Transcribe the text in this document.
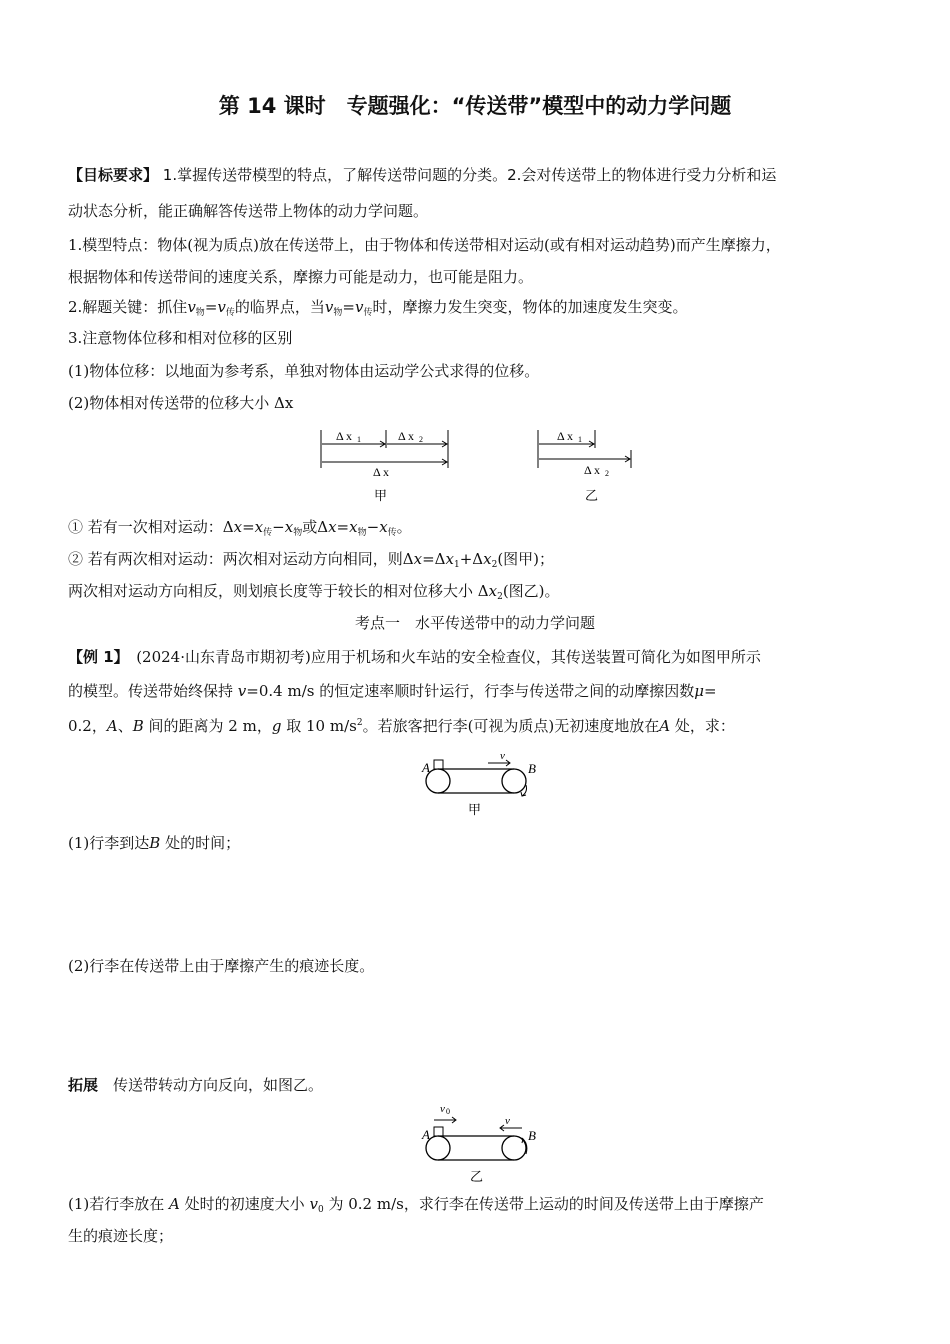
第 14 课时　专题强化：“传送带”模型中的动力学问题
【目标要求】 1.掌握传送带模型的特点，了解传送带问题的分类。2.会对传送带上的物体进行受力分析和运
动状态分析，能正确解答传送带上物体的动力学问题。
1.模型特点：物体(视为质点)放在传送带上，由于物体和传送带相对运动(或有相对运动趋势)而产生摩擦力，
根据物体和传送带间的速度关系，摩擦力可能是动力，也可能是阻力。
2.解题关键：抓住$v_物=v_传$的临界点，当$v_物=v_传$时，摩擦力发生突变，物体的加速度发生突变。
3.注意物体位移和相对位移的区别
(1)物体位移：以地面为参考系，单独对物体由运动学公式求得的位移。
(2)物体相对传送带的位移大小 Δx
Δ x 1	Δ x 2
Δ x
甲
Δ x 1
Δ x 2
乙
① 若有一次相对运动：$\Delta x=x_传-x_物$或$\Delta x=x_物-x_传$。
② 若有两次相对运动：两次相对运动方向相同，则$\Delta x=\Delta x_1+\Delta x_2$(图甲)；
两次相对运动方向相反，则划痕长度等于较长的相对位移大小 $\Delta x_2$(图乙)。
考点一　水平传送带中的动力学问题
【例 1】　 (2024·山东青岛市期初考)应用于机场和火车站的安全检查仪，其传送装置可简化为如图甲所示
的模型。传送带始终保持 v=0.4 m/s 的恒定速率顺时针运行，行李与传送带之间的动摩擦因数μ=
0.2，A、B 间的距离为 2 m，g 取 10 $m/s^2$。若旅客把行李(可视为质点)无初速度地放在A 处，求：
A	B
v
甲
(1)行李到达B 处的时间；
(2)行李在传送带上由于摩擦产生的痕迹长度。
拓展　 传送带转动方向反向，如图乙。
v 0
v
A	B
乙
(1)若行李放在 A 处时的初速度大小 $v_0$ 为 0.2 m/s，求行李在传送带上运动的时间及传送带上由于摩擦产
生的痕迹长度；
